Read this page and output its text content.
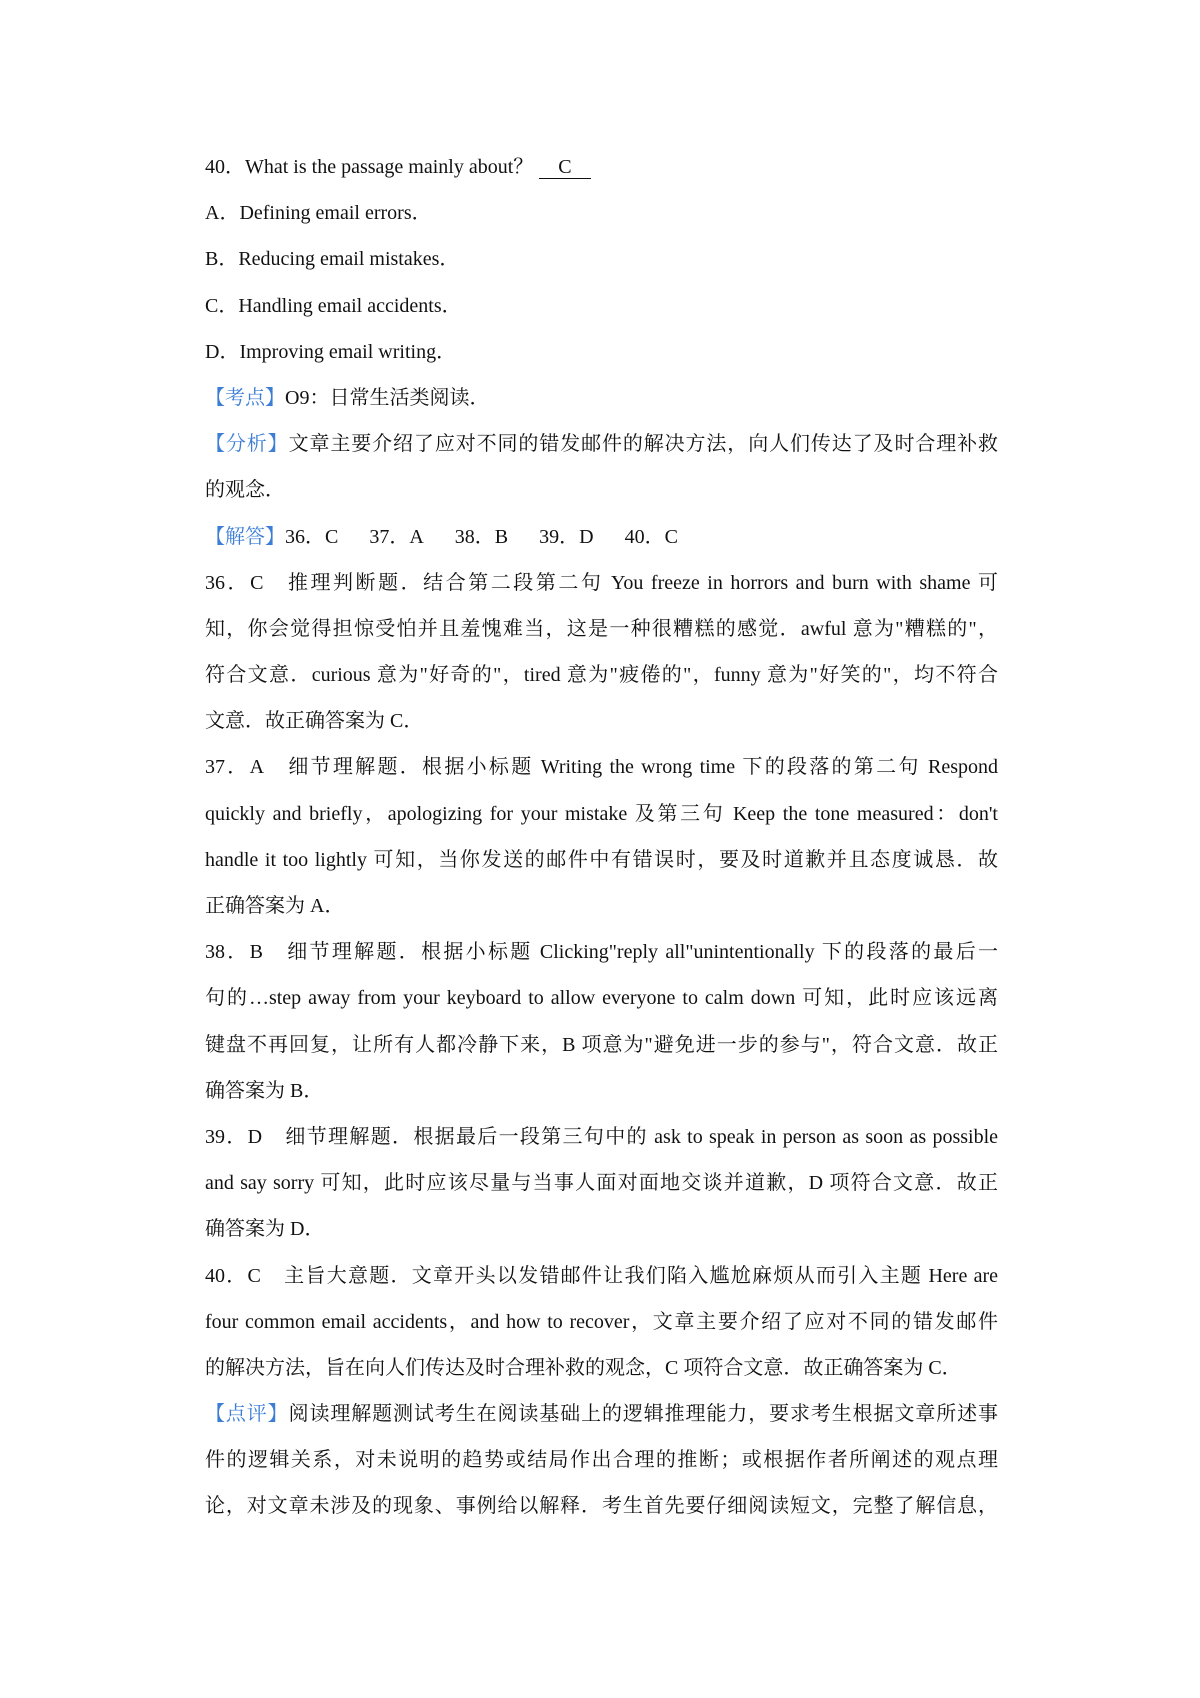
40．What is the passage mainly about？ C
A．Defining email errors．
B．Reducing email mistakes．
C．Handling email accidents．
D．Improving email writing．
【考点】O9：日常生活类阅读．
【分析】文章主要介绍了应对不同的错发邮件的解决方法，向人们传达了及时合理补救
的观念．
【解答】36．C 37．A 38．B 39．D 40．C
36．C 推理判断题．结合第二段第二句 You freeze in horrors and burn with shame 可
知，你会觉得担惊受怕并且羞愧难当，这是一种很糟糕的感觉．awful 意为"糟糕的"，
符合文意．curious 意为"好奇的"，tired 意为"疲倦的"，funny 意为"好笑的"，均不符合
文意．故正确答案为 C．
37．A 细节理解题．根据小标题 Writing the wrong time 下的段落的第二句 Respond
quickly and briefly，apologizing for your mistake 及第三句 Keep the tone measured：don't
handle it too lightly 可知，当你发送的邮件中有错误时，要及时道歉并且态度诚恳．故
正确答案为 A．
38．B 细节理解题．根据小标题 Clicking"reply all"unintentionally 下的段落的最后一
句的…step away from your keyboard to allow everyone to calm down 可知，此时应该远离
键盘不再回复，让所有人都冷静下来，B 项意为"避免进一步的参与"，符合文意．故正
确答案为 B．
39．D 细节理解题．根据最后一段第三句中的 ask to speak in person as soon as possible
and say sorry 可知，此时应该尽量与当事人面对面地交谈并道歉，D 项符合文意．故正
确答案为 D．
40．C 主旨大意题．文章开头以发错邮件让我们陷入尴尬麻烦从而引入主题 Here are
four common email accidents，and how to recover，文章主要介绍了应对不同的错发邮件
的解决方法，旨在向人们传达及时合理补救的观念，C 项符合文意．故正确答案为 C．
【点评】阅读理解题测试考生在阅读基础上的逻辑推理能力，要求考生根据文章所述事
件的逻辑关系，对未说明的趋势或结局作出合理的推断；或根据作者所阐述的观点理
论，对文章未涉及的现象、事例给以解释．考生首先要仔细阅读短文，完整了解信息，
